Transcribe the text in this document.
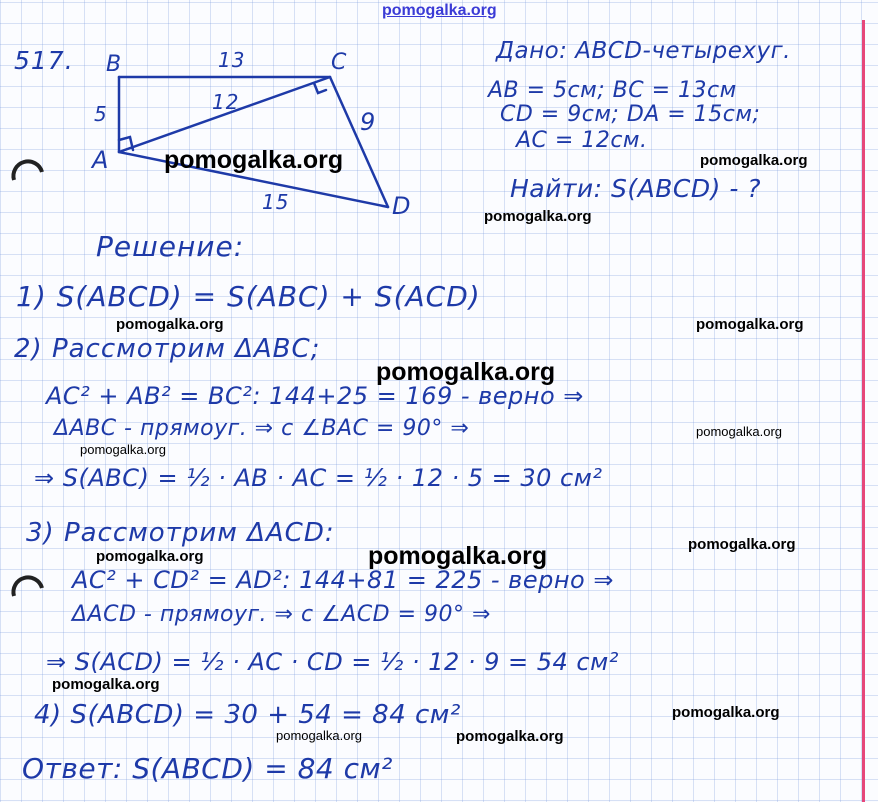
pomogalka.org
517. B	C
A
D
13
5	12
9
15
Дано: ABCD-четырехуг.
AB = 5см; BC = 13см
CD = 9см; DA = 15см;
AC = 12см.
Найти: S(ABCD) - ?
Решение:
1) S(ABCD) = S(ABC) + S(ACD)
2) Рассмотрим ΔABC;
AC² + AB² = BC²: 144+25 = 169 - верно ⇒
ΔABC - прямоуг. ⇒ с ∠BAC = 90° ⇒
⇒ S(ABC) = ½ · AB · AC = ½ · 12 · 5 = 30 см²
3) Рассмотрим ΔACD:
AC² + CD² = AD²: 144+81 = 225 - верно ⇒
ΔACD - прямоуг. ⇒ с ∠ACD = 90° ⇒
⇒ S(ACD) = ½ · AC · CD = ½ · 12 · 9 = 54 см²
4) S(ABCD) = 30 + 54 = 84 см²
Ответ: S(ABCD) = 84 см²
pomogalka.org	pomogalka.org
pomogalka.org
pomogalka.org	pomogalka.org
pomogalka.org
pomogalka.org
pomogalka.org
pomogalka.org
pomogalka.org	pomogalka.org
pomogalka.org
pomogalka.org
pomogalka.org	pomogalka.org
